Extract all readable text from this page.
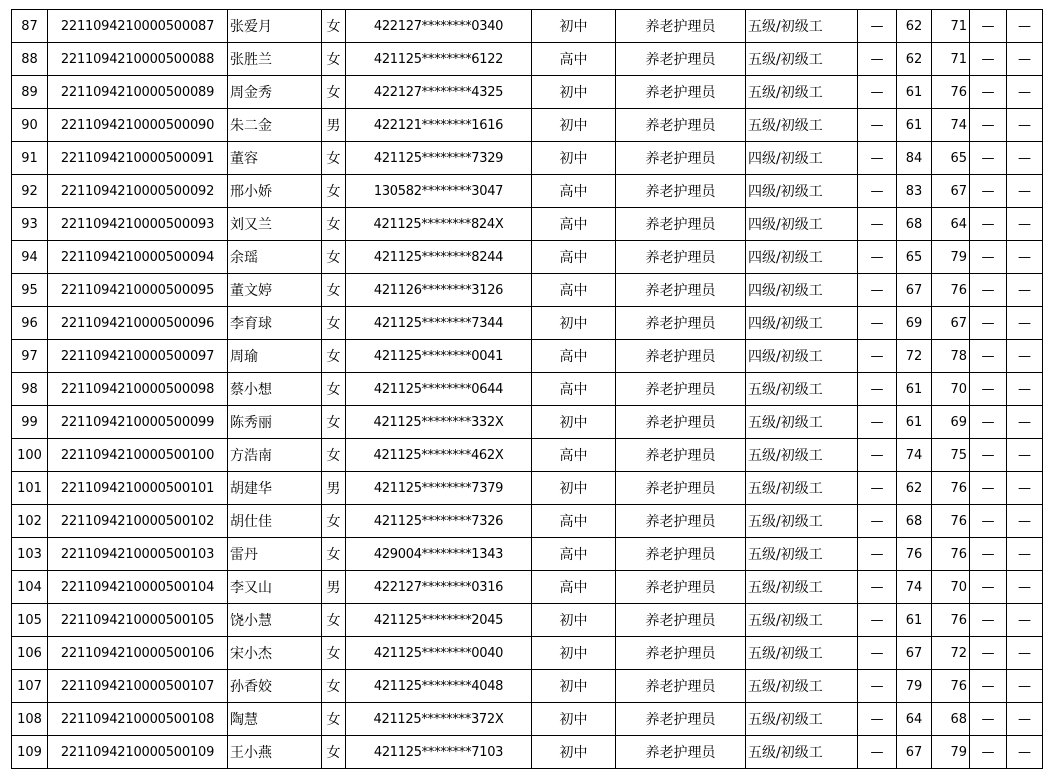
87	2211094210000500087	张爱月	女	422127********0340	初中	养老护理员	五级/初级工	—	62	71	—	—
88	2211094210000500088	张胜兰	女	421125********6122	高中	养老护理员	五级/初级工	—	62	71	—	—
89	2211094210000500089	周金秀	女	422127********4325	初中	养老护理员	五级/初级工	—	61	76	—	—
90	2211094210000500090	朱二金	男	422121********1616	初中	养老护理员	五级/初级工	—	61	74	—	—
91	2211094210000500091	董容	女	421125********7329	初中	养老护理员	四级/初级工	—	84	65	—	—
92	2211094210000500092	邢小娇	女	130582********3047	高中	养老护理员	四级/初级工	—	83	67	—	—
93	2211094210000500093	刘又兰	女	421125********824X	高中	养老护理员	四级/初级工	—	68	64	—	—
94	2211094210000500094	余瑶	女	421125********8244	高中	养老护理员	四级/初级工	—	65	79	—	—
95	2211094210000500095	董文婷	女	421126********3126	高中	养老护理员	四级/初级工	—	67	76	—	—
96	2211094210000500096	李育球	女	421125********7344	初中	养老护理员	四级/初级工	—	69	67	—	—
97	2211094210000500097	周瑜	女	421125********0041	高中	养老护理员	四级/初级工	—	72	78	—	—
98	2211094210000500098	蔡小想	女	421125********0644	高中	养老护理员	五级/初级工	—	61	70	—	—
99	2211094210000500099	陈秀丽	女	421125********332X	初中	养老护理员	五级/初级工	—	61	69	—	—
100	2211094210000500100	方浩南	女	421125********462X	高中	养老护理员	五级/初级工	—	74	75	—	—
101	2211094210000500101	胡建华	男	421125********7379	初中	养老护理员	五级/初级工	—	62	76	—	—
102	2211094210000500102	胡仕佳	女	421125********7326	高中	养老护理员	五级/初级工	—	68	76	—	—
103	2211094210000500103	雷丹	女	429004********1343	高中	养老护理员	五级/初级工	—	76	76	—	—
104	2211094210000500104	李又山	男	422127********0316	高中	养老护理员	五级/初级工	—	74	70	—	—
105	2211094210000500105	饶小慧	女	421125********2045	初中	养老护理员	五级/初级工	—	61	76	—	—
106	2211094210000500106	宋小杰	女	421125********0040	初中	养老护理员	五级/初级工	—	67	72	—	—
107	2211094210000500107	孙香姣	女	421125********4048	初中	养老护理员	五级/初级工	—	79	76	—	—
108	2211094210000500108	陶慧	女	421125********372X	初中	养老护理员	五级/初级工	—	64	68	—	—
109	2211094210000500109	王小燕	女	421125********7103	初中	养老护理员	五级/初级工	—	67	79	—	—
